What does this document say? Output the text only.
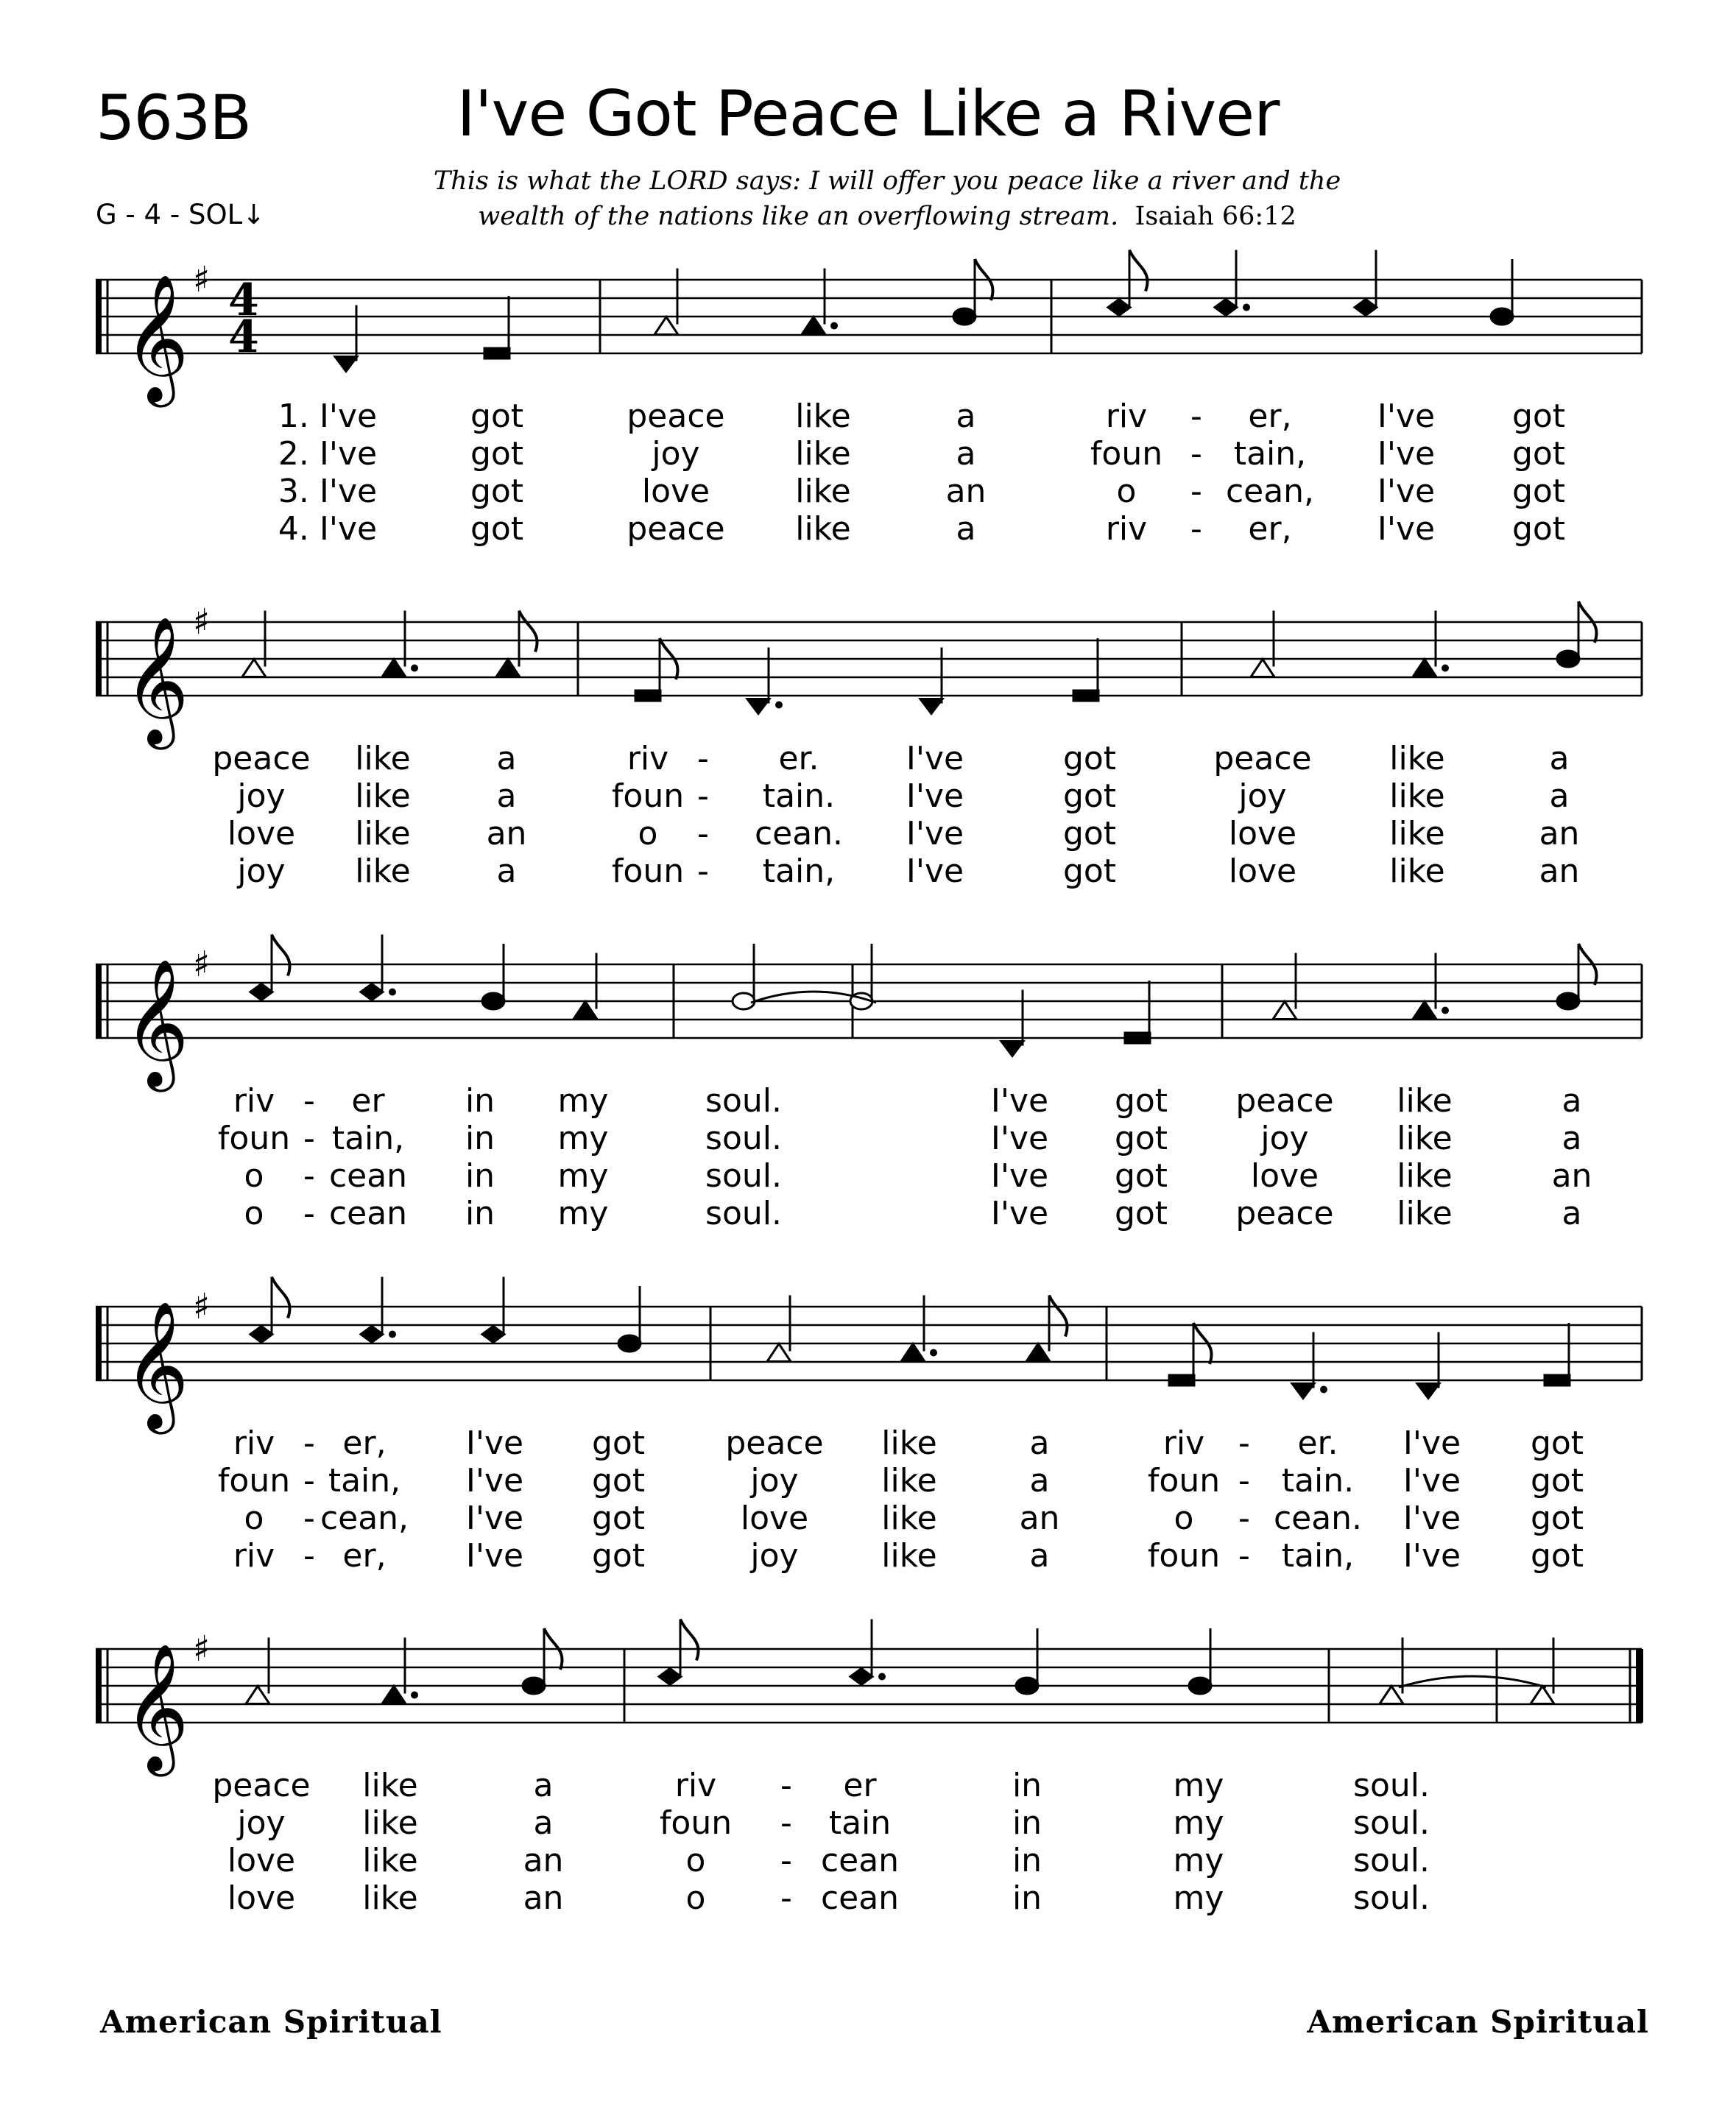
563B	I've Got Peace Like a River
This is what the LORD says: I will offer you peace like a river and the
wealth of the nations like an overflowing stream. Isaiah 66:12
G - 4 - SOL↓
𝄞 ♯ 4
4
1. I've
2. I've
3. I've
4. I've
got
got
got
got
peace
joy
love
peace
like
like
like
like
a
a
an
a
riv
foun
o
riv
-
-
-
-
er,
tain,
cean,
er,
I've
I've
I've
I've
got
got
got
got
𝄞 ♯
peace
joy
love
joy
like
like
like
like
a
a
an
a
riv
foun
o
foun
-
-
-
-
er.
tain.
cean.
tain,
I've
I've
I've
I've
got
got
got
got
peace
joy
love
love
like
like
like
like
a
a
an
an
𝄞 ♯
riv
foun
o
o
-
-
-
-
er
tain,
cean
cean
in
in
in
in
my
my
my
my
soul.
soul.
soul.
soul.
I've
I've
I've
I've
got
got
got
got
peace
joy
love
peace
like
like
like
like
a
a
an
a
𝄞 ♯
riv
foun
o
riv
-
-
-
-
er,
tain,
cean,
er,
I've
I've
I've
I've
got
got
got
got
peace
joy
love
joy
like
like
like
like
a
a
an
a
riv
foun
o
foun
-
-
-
-
er.
tain.
cean.
tain,
I've
I've
I've
I've
got
got
got
got
𝄞 ♯
peace
joy
love
love
like
like
like
like
a
a
an
an
riv
foun
o
o
-
-
-
-
er
tain
cean
cean
in
in
in
in
my
my
my
my
soul.
soul.
soul.
soul.
American Spiritual	American Spiritual
